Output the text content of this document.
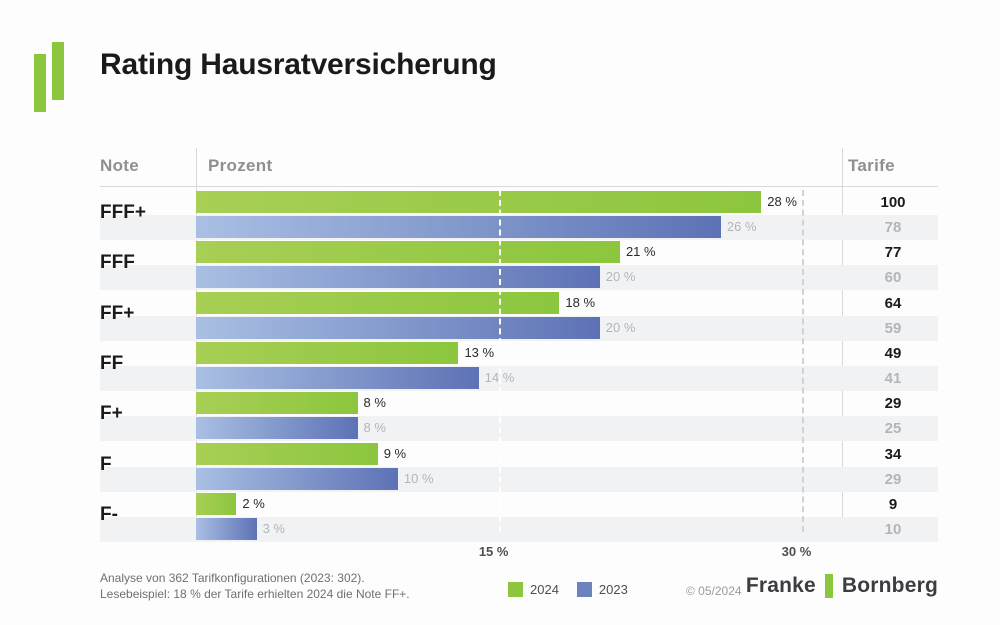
Rating Hausratversicherung
Note	Prozent	Tarife
FFF+
28 %	100
26 %	78
FFF
21 %	77
20 %	60
FF+
18 %	64
20 %	59
FF
13 %	49
14 %	41
F+
8 %	29
8 %	25
F
9 %	34
10 %	29
F-
2 %	9
3 %	10
15 %	30 %
Analyse von 362 Tarifkonfigurationen (2023: 302).
Lesebeispiel: 18 % der Tarife erhielten 2024 die Note FF+.	2024	2023	© 05/2024 Franke Bornberg
